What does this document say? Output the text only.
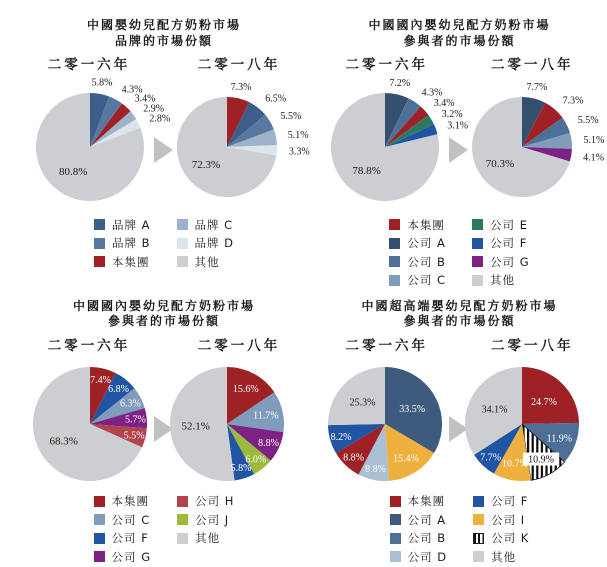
中國嬰幼兒配方奶粉市場
品牌的市場份額
二零一六年	二零一八年
5.8%
4.3%
3.4%
2.9%
2.8%
80.8%
7.3%
6.5%
5.5%
5.1%
3.3%
72.3%
品牌 A
品牌 B
本集團
品牌 C
品牌 D
其他
中國國內嬰幼兒配方奶粉市場
參與者的市場份額
二零一六年	二零一八年
7.2%
4.3%
3.4%
3.2%
3.1%
78.8%
7.7%
7.3%
5.5%
5.1%
4.1%
70.3%
本集團
公司 A
公司 B
公司 C
公司 E
公司 F
公司 G
其他
中國國內嬰幼兒配方奶粉市場
參與者的市場份額
二零一六年	二零一八年
7.4%
6.8%
6.3%
5.7%
5.5%
68.3%
15.6%
11.7%
8.8%
6.0%
5.8%
52.1%
本集團
公司 C
公司 F
公司 G
公司 H
公司 J
其他
中國超高端嬰幼兒配方奶粉市場
參與者的市場份額
二零一六年	二零一八年
33.5%
15.4%
8.8%
8.8%
8.2%
25.3%	24.7%
11.9%
10.9%
10.7%
7.7%
34.1%
本集團
公司 A
公司 B
公司 D
公司 F
公司 I
公司 K
其他
